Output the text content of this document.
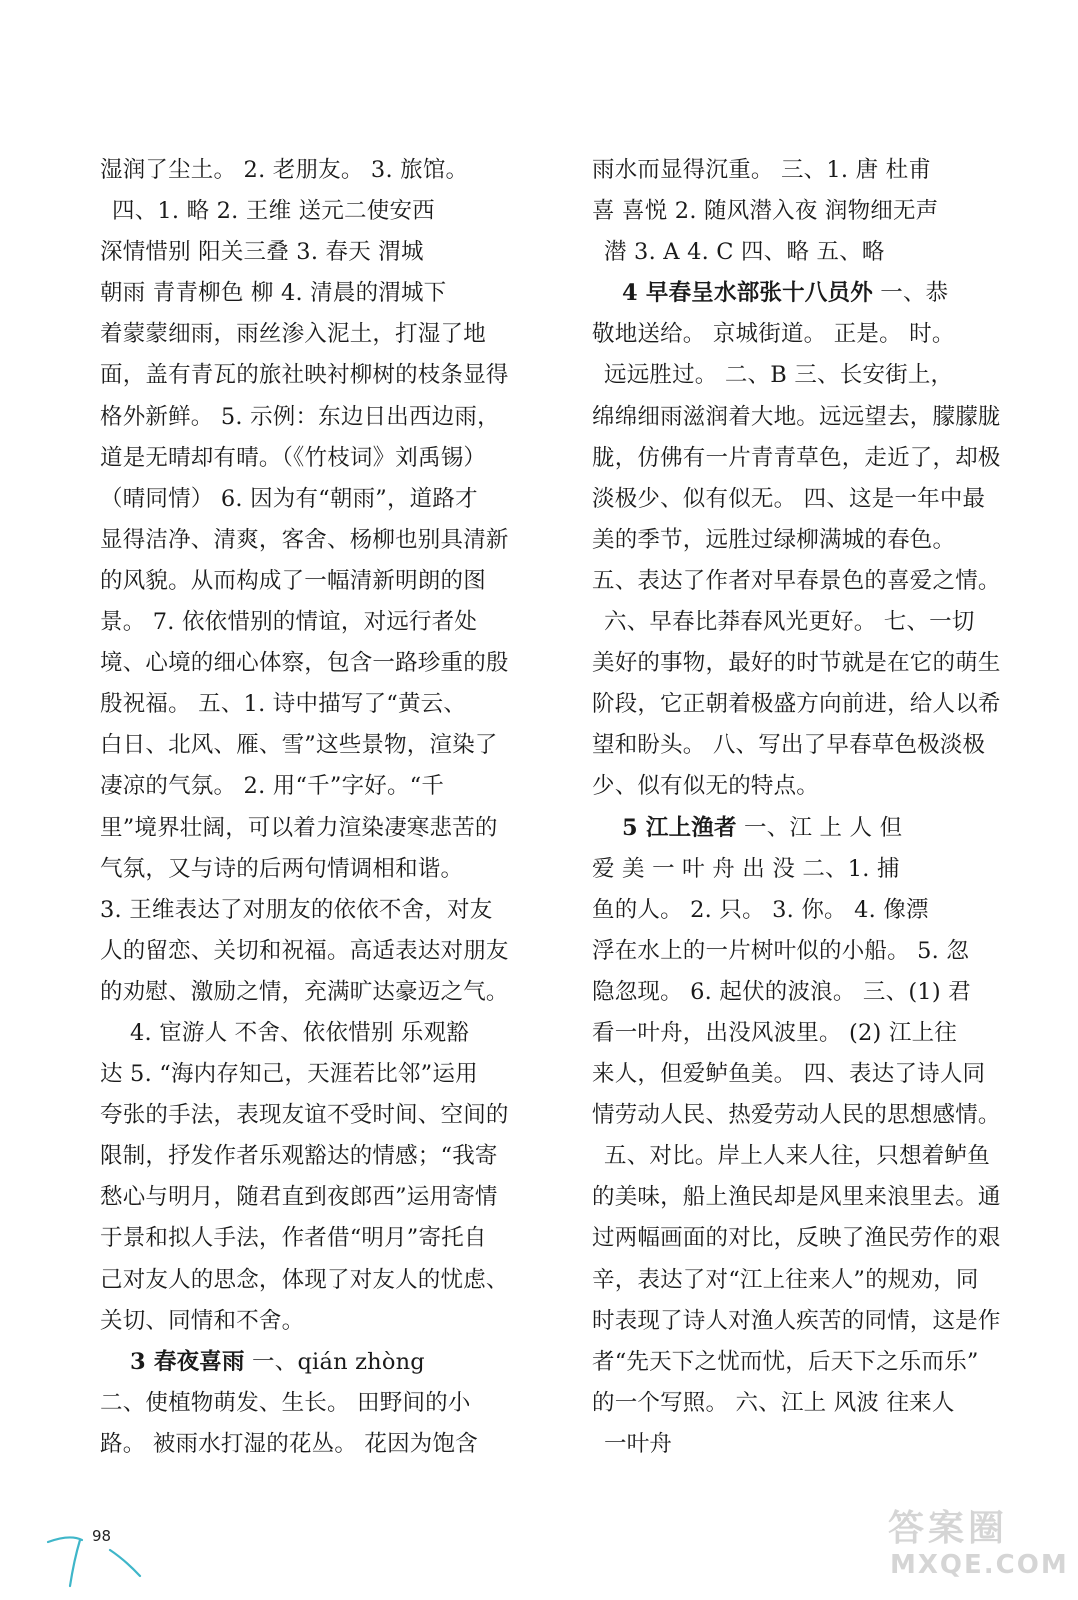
湿润了尘土。 2. 老朋友。 3. 旅馆。

四、1. 略 2. 王维 送元二使安西

深情惜别 阳关三叠 3. 春天 渭城

朝雨 青青柳色 柳 4. 清晨的渭城下

着蒙蒙细雨，雨丝渗入泥土，打湿了地

面，盖有青瓦的旅社映衬柳树的枝条显得

格外新鲜。 5. 示例：东边日出西边雨，

道是无晴却有晴。（《竹枝词》刘禹锡）

（晴同情） 6. 因为有“朝雨”，道路才

显得洁净、清爽，客舍、杨柳也别具清新

的风貌。从而构成了一幅清新明朗的图

景。 7. 依依惜别的情谊，对远行者处

境、心境的细心体察，包含一路珍重的殷

殷祝福。 五、1. 诗中描写了“黄云、

白日、北风、雁、雪”这些景物，渲染了

凄凉的气氛。 2. 用“千”字好。“千

里”境界壮阔，可以着力渲染凄寒悲苦的

气氛，又与诗的后两句情调相和谐。

3. 王维表达了对朋友的依依不舍，对友

人的留恋、关切和祝福。高适表达对朋友

的劝慰、激励之情，充满旷达豪迈之气。

4. 宦游人 不舍、依依惜别 乐观豁

达 5. “海内存知己，天涯若比邻”运用

夸张的手法，表现友谊不受时间、空间的

限制，抒发作者乐观豁达的情感；“我寄

愁心与明月，随君直到夜郎西”运用寄情

于景和拟人手法，作者借“明月”寄托自

己对友人的思念，体现了对友人的忧虑、

关切、同情和不舍。

3 春夜喜雨 一、qián zhòng

二、使植物萌发、生长。 田野间的小

路。 被雨水打湿的花丛。 花因为饱含

雨水而显得沉重。 三、1. 唐 杜甫

喜 喜悦 2. 随风潜入夜 润物细无声

潜 3. A 4. C 四、略 五、略

4 早春呈水部张十八员外 一、恭

敬地送给。 京城街道。 正是。 时。

远远胜过。 二、B 三、长安街上，

绵绵细雨滋润着大地。远远望去，朦朦胧

胧，仿佛有一片青青草色，走近了，却极

淡极少、似有似无。 四、这是一年中最

美的季节，远胜过绿柳满城的春色。

五、表达了作者对早春景色的喜爱之情。

六、早春比莽春风光更好。 七、一切

美好的事物，最好的时节就是在它的萌生

阶段，它正朝着极盛方向前进，给人以希

望和盼头。 八、写出了早春草色极淡极

少、似有似无的特点。

5 江上渔者 一、江 上 人 但

爱 美 一 叶 舟 出 没 二、1. 捕

鱼的人。 2. 只。 3. 你。 4. 像漂

浮在水上的一片树叶似的小船。 5. 忽

隐忽现。 6. 起伏的波浪。 三、(1) 君

看一叶舟，出没风波里。 (2) 江上往

来人，但爱鲈鱼美。 四、表达了诗人同

情劳动人民、热爱劳动人民的思想感情。

五、对比。岸上人来人往，只想着鲈鱼

的美味，船上渔民却是风里来浪里去。通

过两幅画面的对比，反映了渔民劳作的艰

辛，表达了对“江上往来人”的规劝，同

时表现了诗人对渔人疾苦的同情，这是作

者“先天下之忧而忧，后天下之乐而乐”

的一个写照。 六、江上 风波 往来人

一叶舟

98	答案圈
MXQE.COM
